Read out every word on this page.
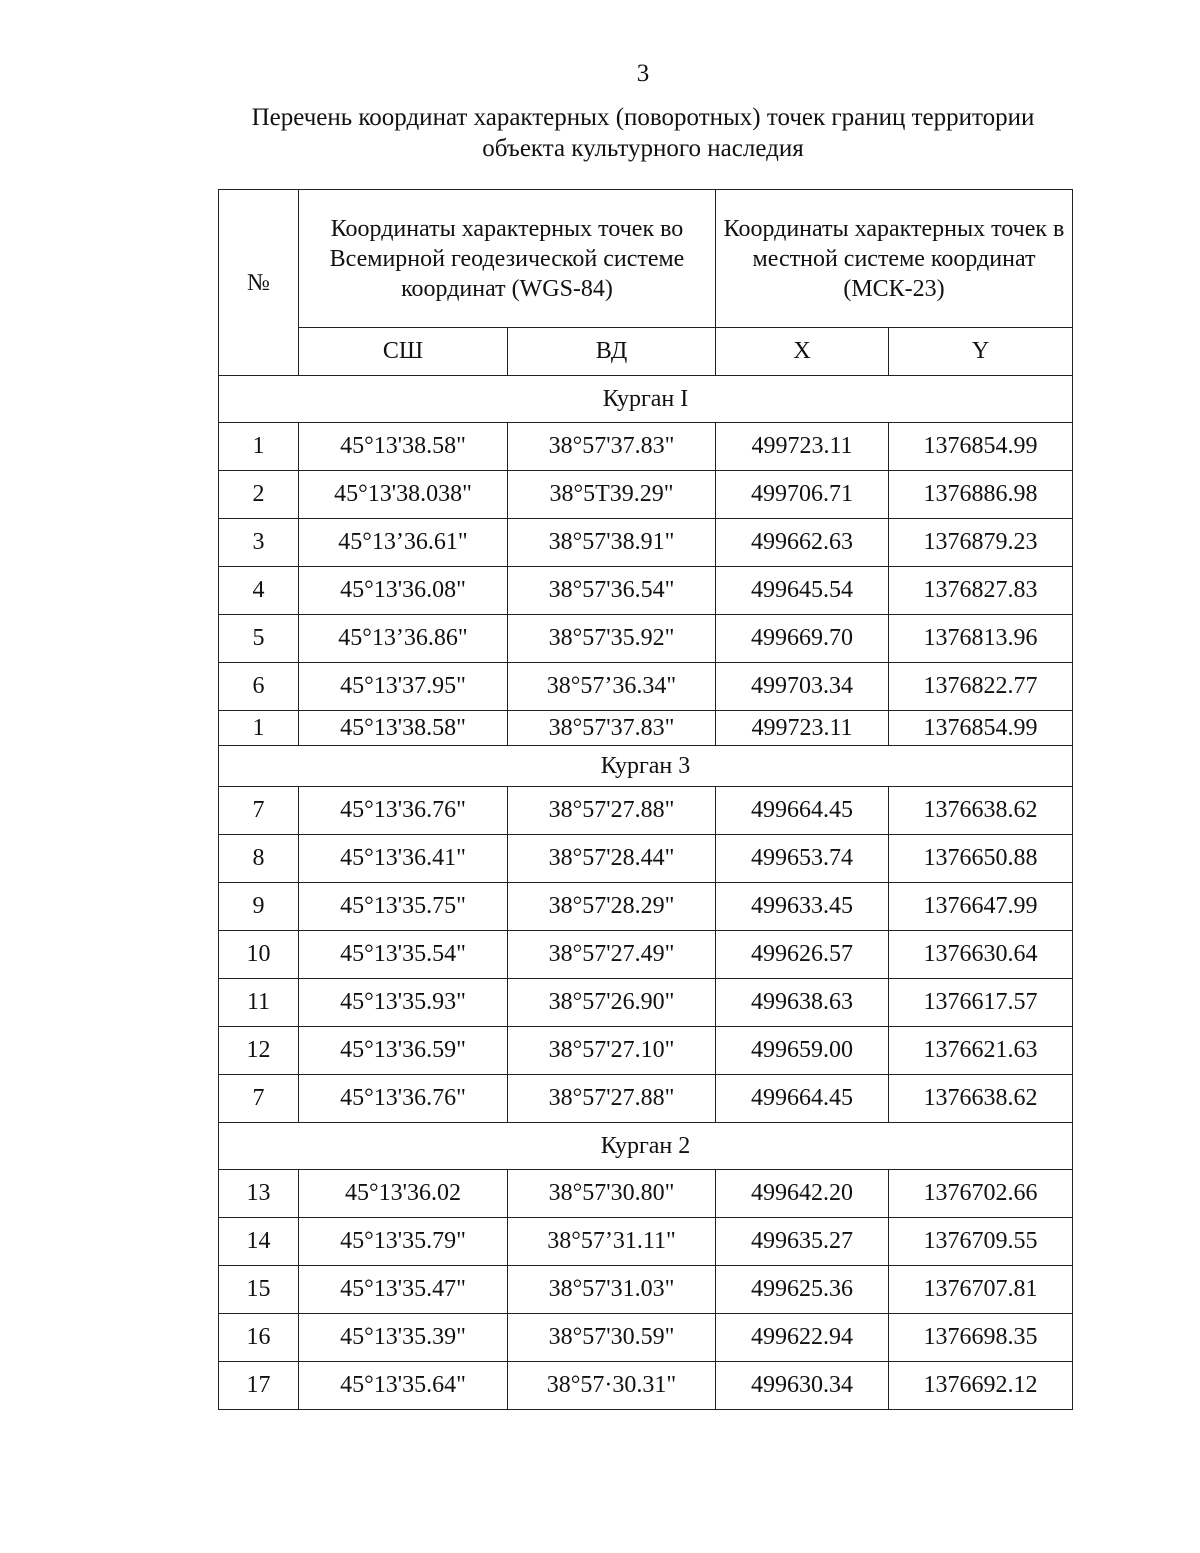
3
Перечень координат характерных (поворотных) точек границ территории
объекта культурного наследия
№	Координаты характерных точек во Всемирной геодезической системе координат (WGS-84)		Координаты характерных точек в местной системе координат (МСК-23)	
	СШ	ВД	X	Y
Курган I				
1	45°13'38.58"	38°57'37.83"	499723.11	1376854.99
2	45°13'38.038"	38°5Т39.29"	499706.71	1376886.98
3	45°13’36.61"	38°57'38.91"	499662.63	1376879.23
4	45°13'36.08"	38°57'36.54"	499645.54	1376827.83
5	45°13’36.86"	38°57'35.92"	499669.70	1376813.96
6	45°13'37.95"	38°57’36.34"	499703.34	1376822.77
1	45°13'38.58"	38°57'37.83"	499723.11	1376854.99
Курган 3				
7	45°13'36.76"	38°57'27.88"	499664.45	1376638.62
8	45°13'36.41"	38°57'28.44"	499653.74	1376650.88
9	45°13'35.75"	38°57'28.29"	499633.45	1376647.99
10	45°13'35.54"	38°57'27.49"	499626.57	1376630.64
11	45°13'35.93"	38°57'26.90"	499638.63	1376617.57
12	45°13'36.59"	38°57'27.10"	499659.00	1376621.63
7	45°13'36.76"	38°57'27.88"	499664.45	1376638.62
Курган 2				
13	45°13'36.02	38°57'30.80"	499642.20	1376702.66
14	45°13'35.79"	38°57’31.11"	499635.27	1376709.55
15	45°13'35.47"	38°57'31.03"	499625.36	1376707.81
16	45°13'35.39"	38°57'30.59"	499622.94	1376698.35
17	45°13'35.64"	38°57·30.31"	499630.34	1376692.12
